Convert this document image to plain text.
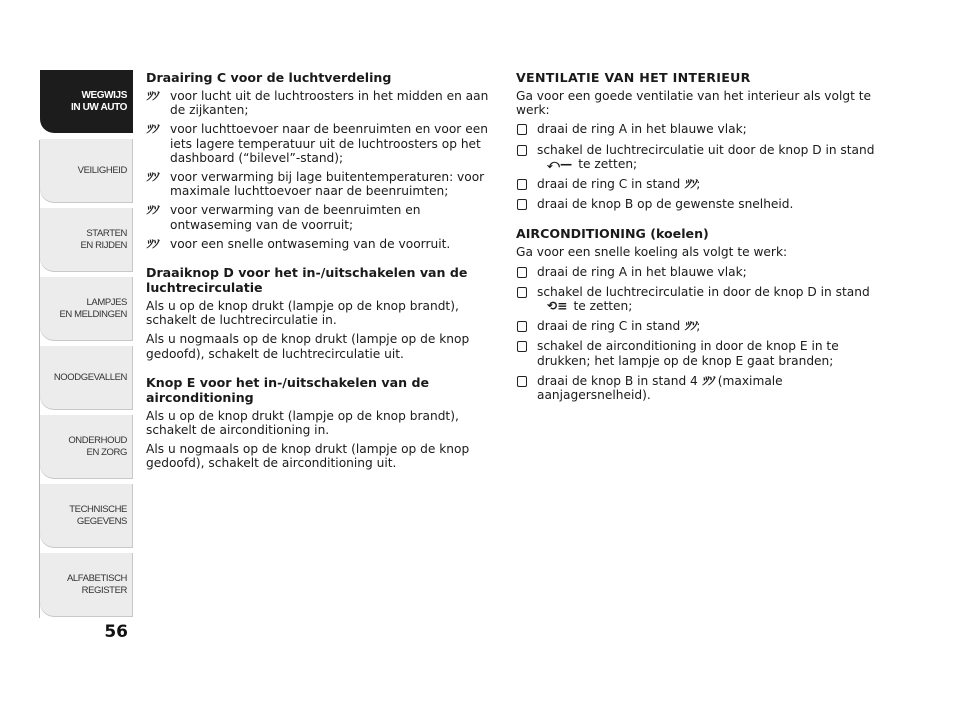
WEGWIJS
IN UW AUTO
VEILIGHEID
STARTEN
EN RIJDEN
LAMPJES
EN MELDINGEN
NOODGEVALLEN
ONDERHOUD
EN ZORG
TECHNISCHE
GEGEVENS
ALFABETISCH
REGISTER
56
Draairing C voor de luchtverdeling
ﾂｿ voor lucht uit de luchtroosters in het midden en aan de zijkanten;
ﾂｿ voor luchttoevoer naar de beenruimten en voor een iets lagere temperatuur uit de luchtroosters op het dashboard (“bilevel”-stand);
ﾂｿ voor verwarming bij lage buitentemperaturen: voor maximale luchttoevoer naar de beenruimten;
ﾂｿ voor verwarming van de beenruimten en ontwaseming van de voorruit;
ﾂｿ voor een snelle ontwaseming van de voorruit.
Draaiknop D voor het in-/uitschakelen van de luchtrecirculatie

Als u op de knop drukt (lampje op de knop brandt), schakelt de luchtrecirculatie in.

Als u nogmaals op de knop drukt (lampje op de knop gedoofd), schakelt de luchtrecirculatie uit.

Knop E voor het in-/uitschakelen van de airconditioning

Als u op de knop drukt (lampje op de knop brandt), schakelt de airconditioning in.

Als u nogmaals op de knop drukt (lampje op de knop gedoofd), schakelt de airconditioning uit.

VENTILATIE VAN HET INTERIEUR

Ga voor een goede ventilatie van het interieur als volgt te werk:

draai de ring A in het blauwe vlak;
schakel de luchtrecirculatie uit door de knop D in stand
⤺— te zetten;
draai de ring C in stand ﾂｿ;
draai de knop B op de gewenste snelheid.
AIRCONDITIONING (koelen)

Ga voor een snelle koeling als volgt te werk:

draai de ring A in het blauwe vlak;
schakel de luchtrecirculatie in door de knop D in stand
⟲≡ te zetten;
draai de ring C in stand ﾂｿ;
schakel de airconditioning in door de knop E in te drukken; het lampje op de knop E gaat branden;
draai de knop B in stand 4 ﾂｿ (maximale aanjagersnelheid).
